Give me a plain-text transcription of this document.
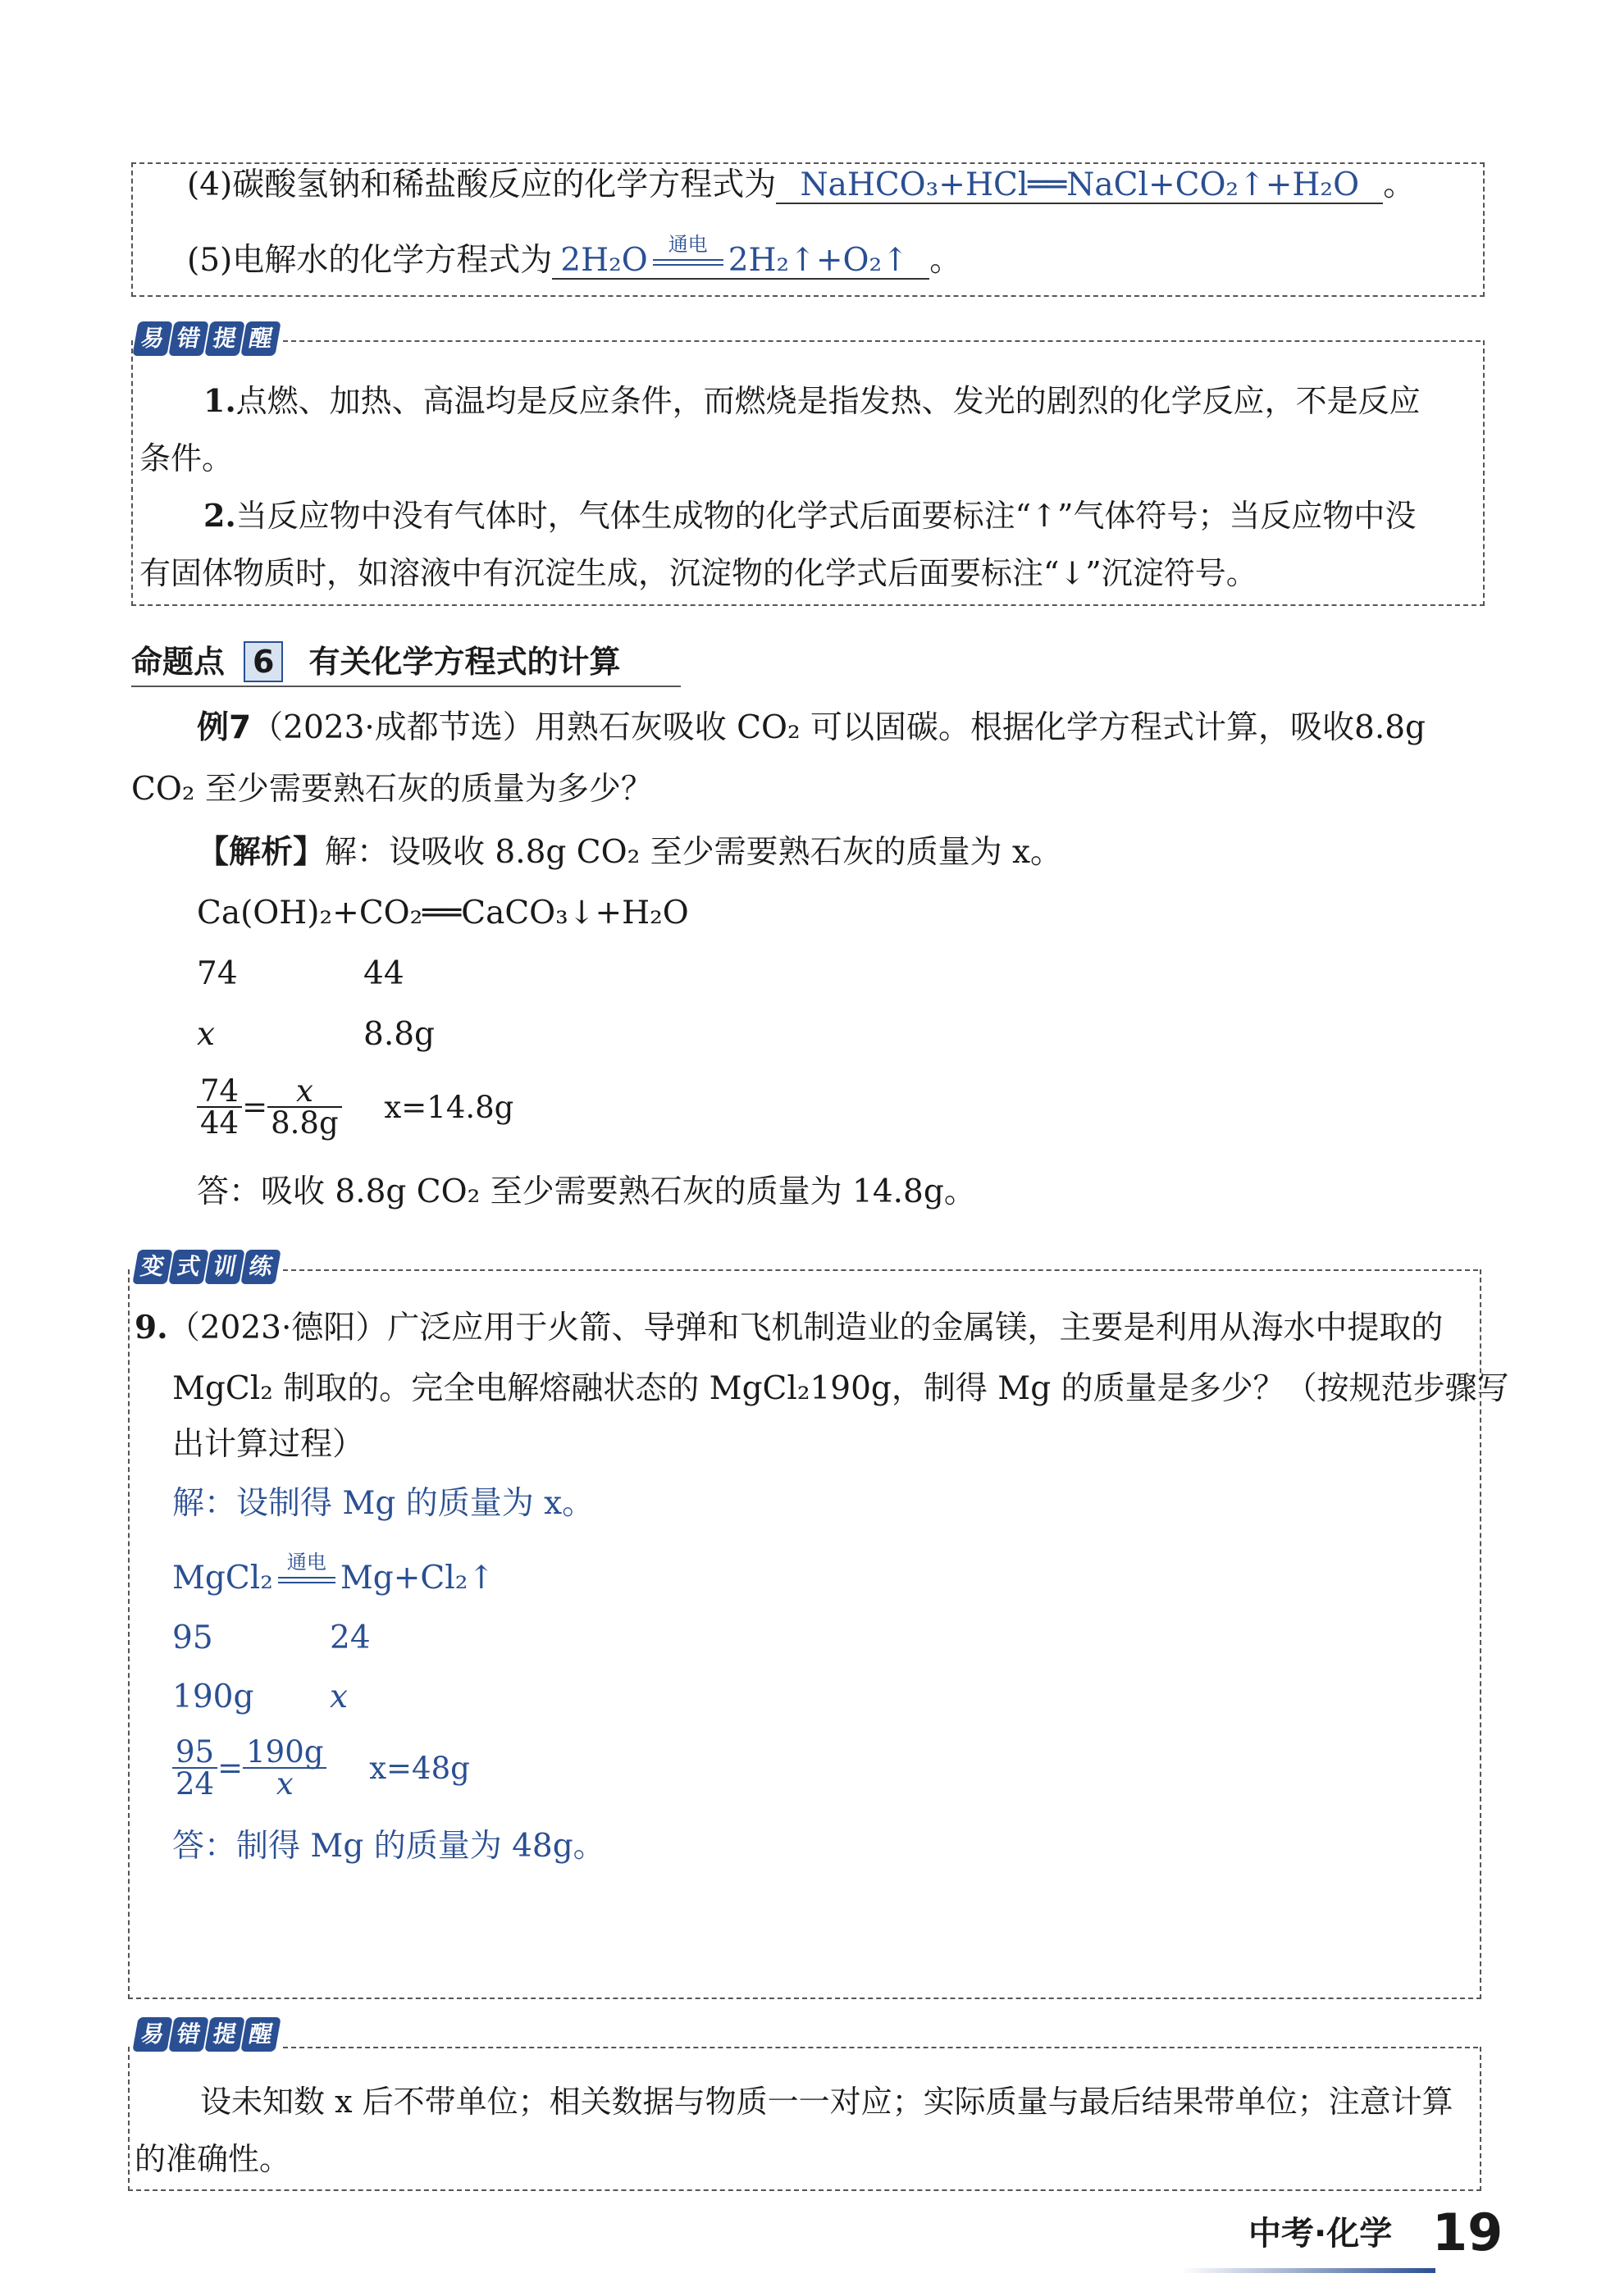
(4)碳酸氢钠和稀盐酸反应的化学方程式为 NaHCO₃+HCl══NaCl+CO₂↑+H₂O 。
(5)电解水的化学方程式为 2H₂O	通电 2H₂↑+O₂↑ 。
易 错 提 醒
1.点燃、加热、高温均是反应条件，而燃烧是指发热、发光的剧烈的化学反应，不是反应
条件。
2.当反应物中没有气体时，气体生成物的化学式后面要标注“↑”气体符号；当反应物中没
有固体物质时，如溶液中有沉淀生成，沉淀物的化学式后面要标注“↓”沉淀符号。
命题点 6 有关化学方程式的计算
例7（2023·成都节选）用熟石灰吸收 CO₂ 可以固碳。根据化学方程式计算，吸收8.8g
CO₂ 至少需要熟石灰的质量为多少？
【解析】解：设吸收 8.8g CO₂ 至少需要熟石灰的质量为 x。
Ca(OH)₂+CO₂══CaCO₃↓+H₂O
74	44
x	8.8g
$\frac{74}{44} = \frac{x}{8.8g} x=14.8g$
答：吸收 8.8g CO₂ 至少需要熟石灰的质量为 14.8g。
变 式 训 练
9.（2023·德阳）广泛应用于火箭、导弹和飞机制造业的金属镁，主要是利用从海水中提取的
MgCl₂ 制取的。完全电解熔融状态的 MgCl₂190g，制得 Mg 的质量是多少？（按规范步骤写
出计算过程）
解：设制得 Mg 的质量为 x。
MgCl₂ 通电 Mg+Cl₂↑
95	24
190g x
$\frac{95}{24} = \frac{190g}{x} x=48g$
答：制得 Mg 的质量为 48g。
易 错 提 醒
设未知数 x 后不带单位；相关数据与物质一一对应；实际质量与最后结果带单位；注意计算
的准确性。
中考·化学 19
